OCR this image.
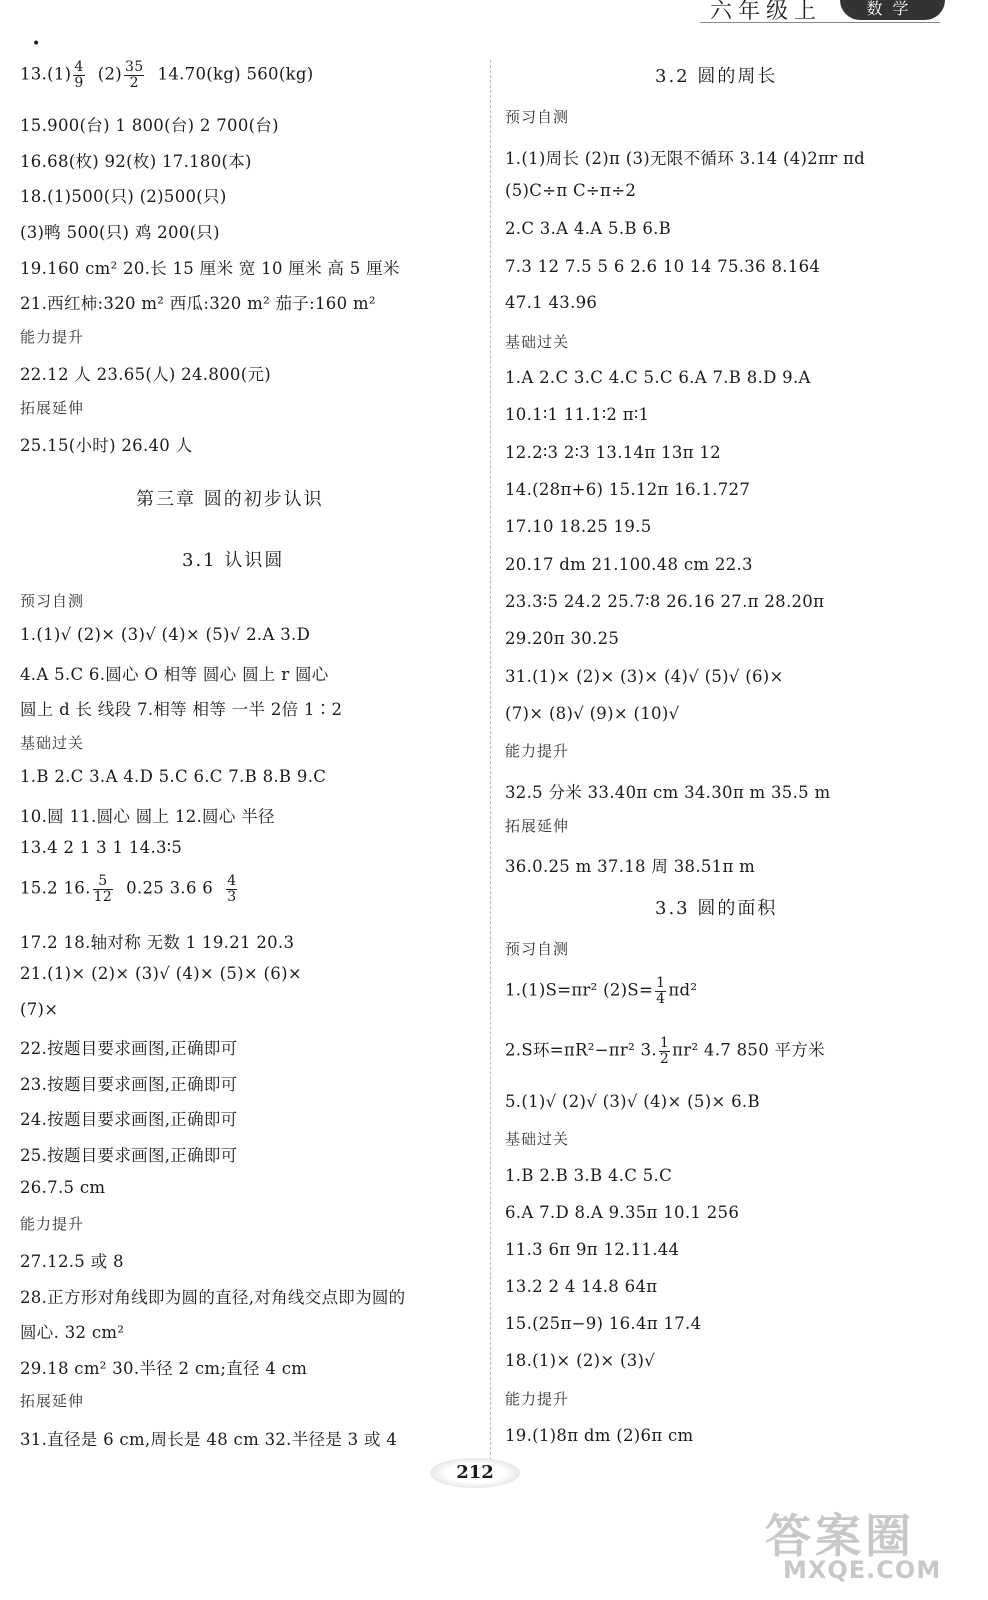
六年级上	数学
•
$13.(1) \frac{4}{9} (2) \frac{35}{2} 14.70(kg)$ 560(kg)
15.900(台) 1 800(台) 2 700(台)
16.68(枚) 92(枚) 17.180(本)
18.(1)500(只) (2)500(只)
(3)鸭 500(只) 鸡 200(只)
19.160 cm² 20.长 15 厘米 宽 10 厘米 高 5 厘米
21.西红柿:320 m² 西瓜:320 m² 茄子:160 m²
能力提升
22.12 人 23.65(人) 24.800(元)
拓展延伸
25.15(小时) 26.40 人
第三章 圆的初步认识
3.1 认识圆
预习自测
1.(1)√ (2)× (3)√ (4)× (5)√ 2.A 3.D
4.A 5.C 6.圆心 O 相等 圆心 圆上 r 圆心
圆上 d 长 线段 7.相等 相等 一半 2倍 1∶2
基础过关
1.B 2.C 3.A 4.D 5.C 6.C 7.B 8.B 9.C
10.圆 11.圆心 圆上 12.圆心 半径
13.4 2 1 3 1 14.3∶5
15.2 16. $\frac{5}{12} 0.25$ 3.6 $6 \frac{4}{3}$
17.2 18.轴对称 无数 1 19.21 20.3
21.(1)× (2)× (3)√ (4)× (5)× (6)×
(7)×
22.按题目要求画图,正确即可
23.按题目要求画图,正确即可
24.按题目要求画图,正确即可
25.按题目要求画图,正确即可
26.7.5 cm
能力提升
27.12.5 或 8
28.正方形对角线即为圆的直径,对角线交点即为圆的
圆心. 32 cm²
29.18 cm² 30.半径 2 cm;直径 4 cm
拓展延伸
31.直径是 6 cm,周长是 48 cm 32.半径是 3 或 4
3.2 圆的周长
预习自测
1.(1)周长 (2)π (3)无限不循环 3.14 (4)2πr πd
(5)C÷π C÷π÷2
2.C 3.A 4.A 5.B 6.B
7.3 12 7.5 5 6 2.6 10 14 75.36 8.164
47.1 43.96
基础过关
1.A 2.C 3.C 4.C 5.C 6.A 7.B 8.D 9.A
10.1∶1 11.1∶2 π∶1
12.2∶3 2∶3 13.14π 13π 12
14.(28π+6) 15.12π 16.1.727
17.10 18.25 19.5
20.17 dm 21.100.48 cm 22.3
23.3∶5 24.2 25.7∶8 26.16 27.π 28.20π
29.20π 30.25
31.(1)× (2)× (3)× (4)√ (5)√ (6)×
(7)× (8)√ (9)× (10)√
能力提升
32.5 分米 33.40π cm 34.30π m 35.5 m
拓展延伸
36.0.25 m 37.18 周 38.51π m
3.3 圆的面积
预习自测
1.(1)S=πr² $(2)S= \frac{1}{4} \pi d^2$
2.S环=πR²−πr² 3. $\frac{1}{2} \pi r^2$ 4.7 850 平方米
5.(1)√ (2)√ (3)√ (4)× (5)× 6.B
基础过关
1.B 2.B 3.B 4.C 5.C
6.A 7.D 8.A 9.35π 10.1 256
11.3 6π 9π 12.11.44
13.2 2 4 14.8 64π
15.(25π−9) 16.4π 17.4
18.(1)× (2)× (3)√
能力提升
19.(1)8π dm (2)6π cm
212
答案圈
MXQE.COM
